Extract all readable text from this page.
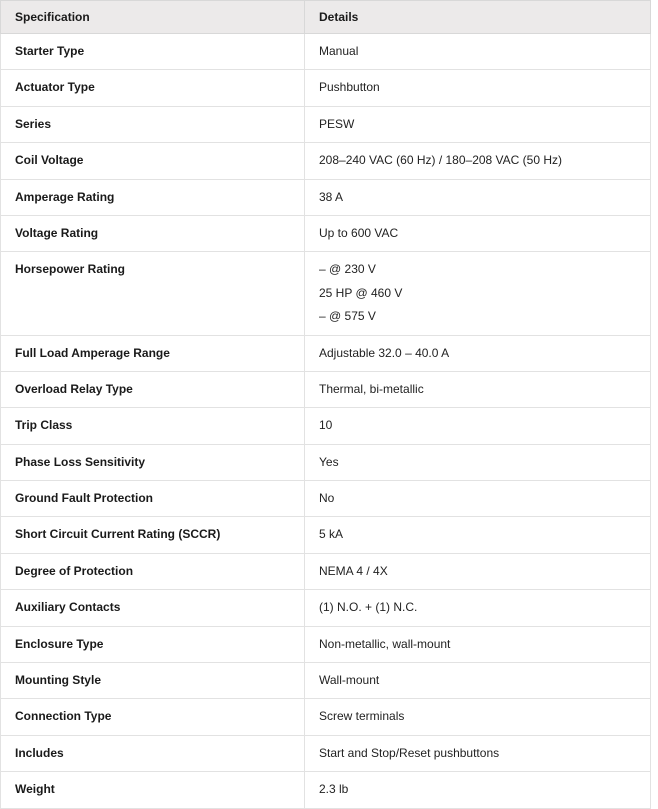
Specification	Details
Starter Type	Manual
Actuator Type	Pushbutton
Series	PESW
Coil Voltage	208–240 VAC (60 Hz) / 180–208 VAC (50 Hz)
Amperage Rating	38 A
Voltage Rating	Up to 600 VAC
Horsepower Rating	– @ 230 V
25 HP @ 460 V
– @ 575 V

Full Load Amperage Range	Adjustable 32.0 – 40.0 A
Overload Relay Type	Thermal, bi-metallic
Trip Class	10
Phase Loss Sensitivity	Yes
Ground Fault Protection	No
Short Circuit Current Rating (SCCR)	5 kA
Degree of Protection	NEMA 4 / 4X
Auxiliary Contacts	(1) N.O. + (1) N.C.
Enclosure Type	Non-metallic, wall-mount
Mounting Style	Wall-mount
Connection Type	Screw terminals
Includes	Start and Stop/Reset pushbuttons
Weight	2.3 lb
